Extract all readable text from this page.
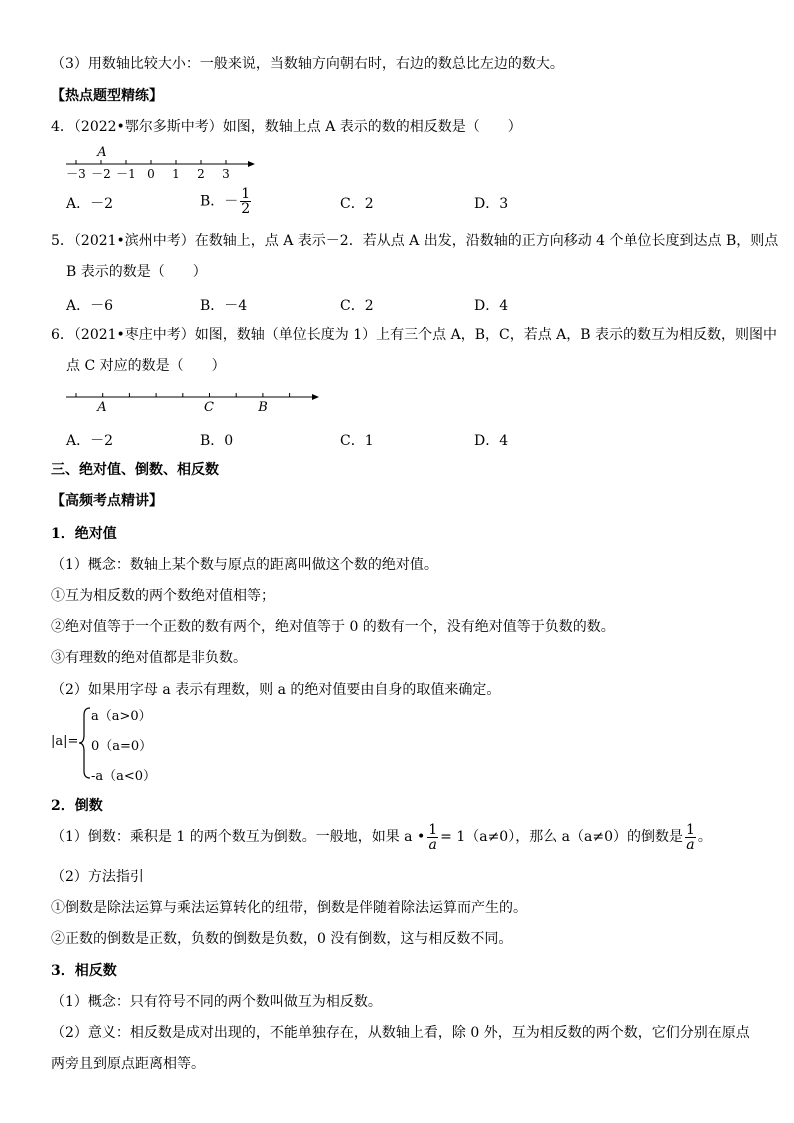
（3）用数轴比较大小：一般来说，当数轴方向朝右时，右边的数总比左边的数大。
【热点题型精练】
4．（2022•鄂尔多斯中考）如图，数轴上点 A 表示的数的相反数是（　　）
A
－3 －2 －1 0 1 2 3
A．－2	B．－ $\frac{1}{2}$	C．2	D．3
5．（2021•滨州中考）在数轴上，点 A 表示－2．若从点 A 出发，沿数轴的正方向移动 4 个单位长度到达点 B，则点
B 表示的数是（　　）
A．－6	B．－4	C．2	D．4
6．（2021•枣庄中考）如图，数轴（单位长度为 1）上有三个点 A，B，C，若点 A，B 表示的数互为相反数，则图中
点 C 对应的数是（　　）
A	C	B
A．－2	B．0	C．1	D．4
三、绝对值、倒数、相反数
【高频考点精讲】
1．绝对值
（1）概念：数轴上某个数与原点的距离叫做这个数的绝对值。
①互为相反数的两个数绝对值相等；
②绝对值等于一个正数的数有两个，绝对值等于 0 的数有一个，没有绝对值等于负数的数。
③有理数的绝对值都是非负数。
（2）如果用字母 a 表示有理数，则 a 的绝对值要由自身的取值来确定。
|a|=
a（a>0）
0（a=0）
-a（a<0）
2．倒数
（1）倒数：乘积是 1 的两个数互为倒数。一般地，如果 a • $\frac{1}{a} = 1(a\ne 0)$，那么 a（a≠0）的倒数是 $\frac{1}{a}$ 。
（2）方法指引
①倒数是除法运算与乘法运算转化的纽带，倒数是伴随着除法运算而产生的。
②正数的倒数是正数，负数的倒数是负数，0 没有倒数，这与相反数不同。
3．相反数
（1）概念：只有符号不同的两个数叫做互为相反数。
（2）意义：相反数是成对出现的，不能单独存在，从数轴上看，除 0 外，互为相反数的两个数，它们分别在原点
两旁且到原点距离相等。
